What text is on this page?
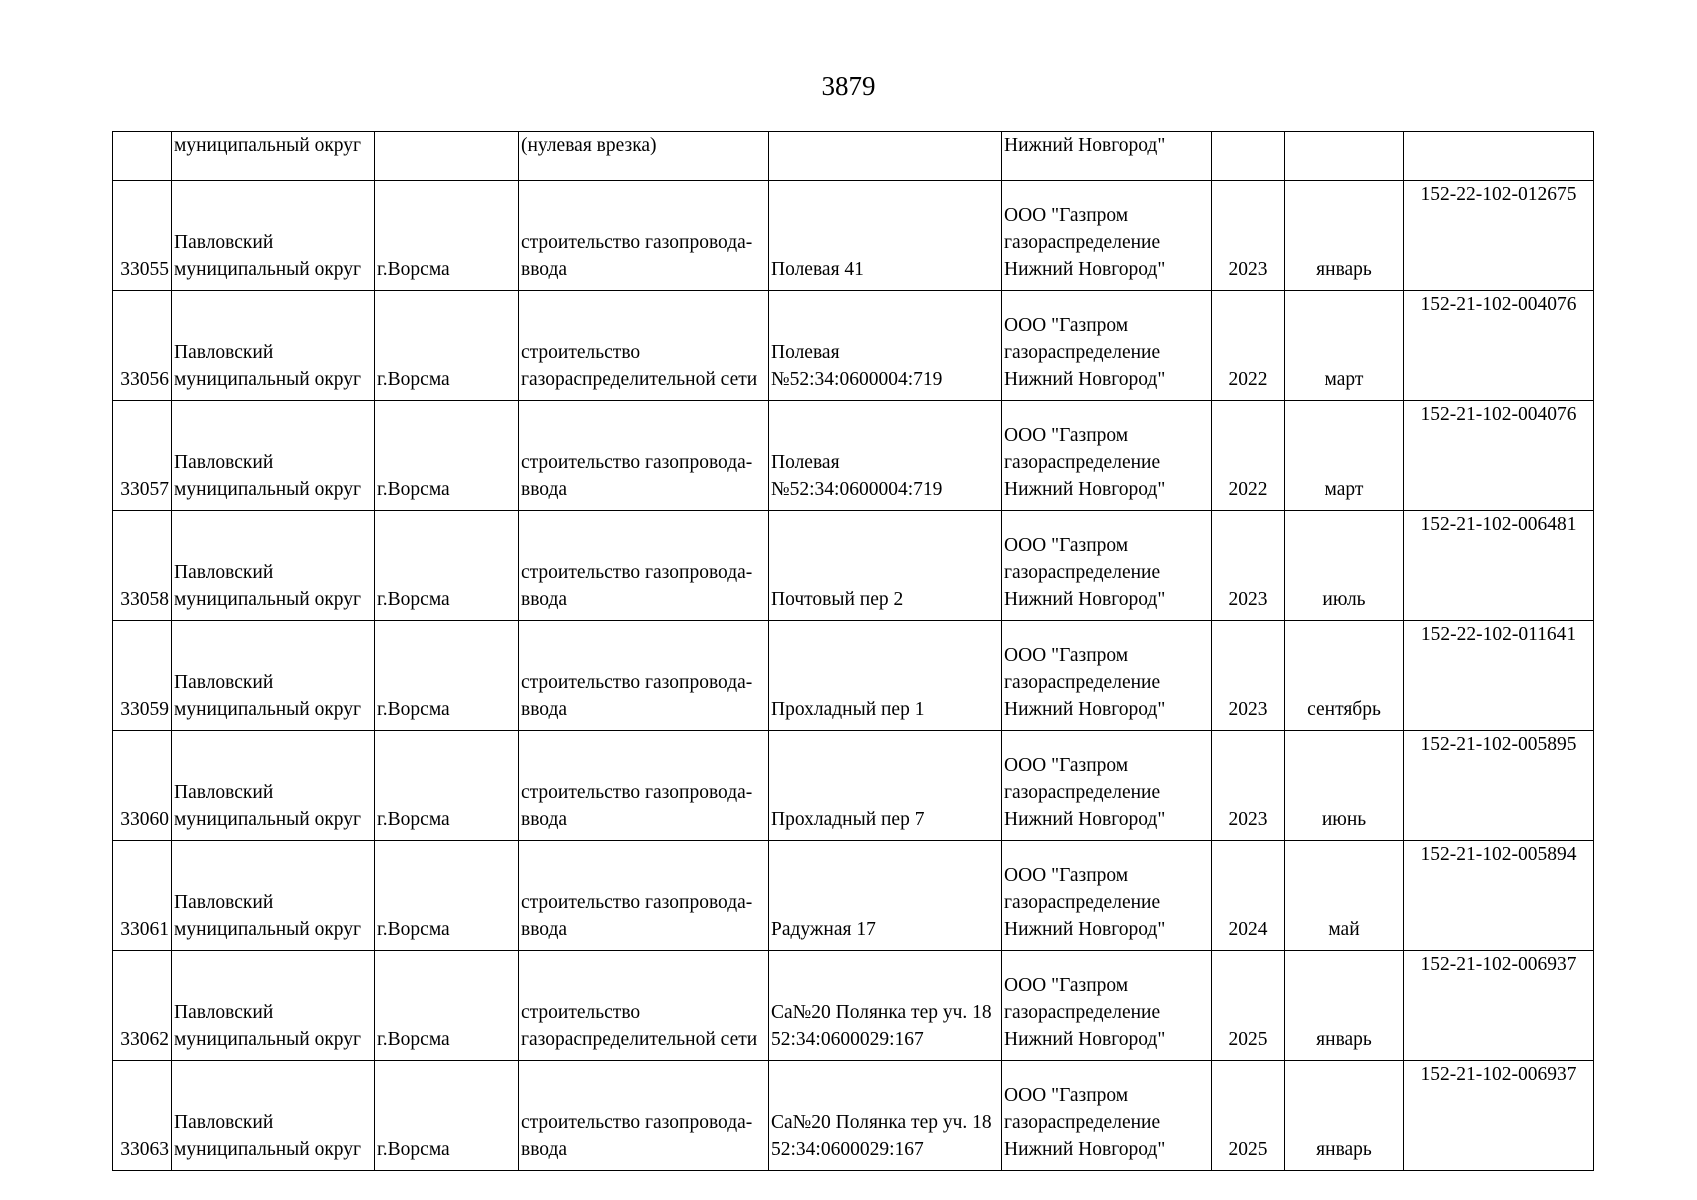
3879
	муниципальный округ		(нулевая врезка)		Нижний Новгород"			
33055	Павловский
муниципальный округ	г.Ворсма	строительство газопровода-
ввода	Полевая 41	ООО "Газпром
газораспределение
Нижний Новгород"	2023	январь	152-22-102-012675
33056	Павловский
муниципальный округ	г.Ворсма	строительство
газораспределительной сети	Полевая
№52:34:0600004:719	ООО "Газпром
газораспределение
Нижний Новгород"	2022	март	152-21-102-004076
33057	Павловский
муниципальный округ	г.Ворсма	строительство газопровода-
ввода	Полевая
№52:34:0600004:719	ООО "Газпром
газораспределение
Нижний Новгород"	2022	март	152-21-102-004076
33058	Павловский
муниципальный округ	г.Ворсма	строительство газопровода-
ввода	Почтовый пер 2	ООО "Газпром
газораспределение
Нижний Новгород"	2023	июль	152-21-102-006481
33059	Павловский
муниципальный округ	г.Ворсма	строительство газопровода-
ввода	Прохладный пер 1	ООО "Газпром
газораспределение
Нижний Новгород"	2023	сентябрь	152-22-102-011641
33060	Павловский
муниципальный округ	г.Ворсма	строительство газопровода-
ввода	Прохладный пер 7	ООО "Газпром
газораспределение
Нижний Новгород"	2023	июнь	152-21-102-005895
33061	Павловский
муниципальный округ	г.Ворсма	строительство газопровода-
ввода	Радужная 17	ООО "Газпром
газораспределение
Нижний Новгород"	2024	май	152-21-102-005894
33062	Павловский
муниципальный округ	г.Ворсма	строительство
газораспределительной сети	Са№20 Полянка тер уч. 18
52:34:0600029:167	ООО "Газпром
газораспределение
Нижний Новгород"	2025	январь	152-21-102-006937
33063	Павловский
муниципальный округ	г.Ворсма	строительство газопровода-
ввода	Са№20 Полянка тер уч. 18
52:34:0600029:167	ООО "Газпром
газораспределение
Нижний Новгород"	2025	январь	152-21-102-006937
